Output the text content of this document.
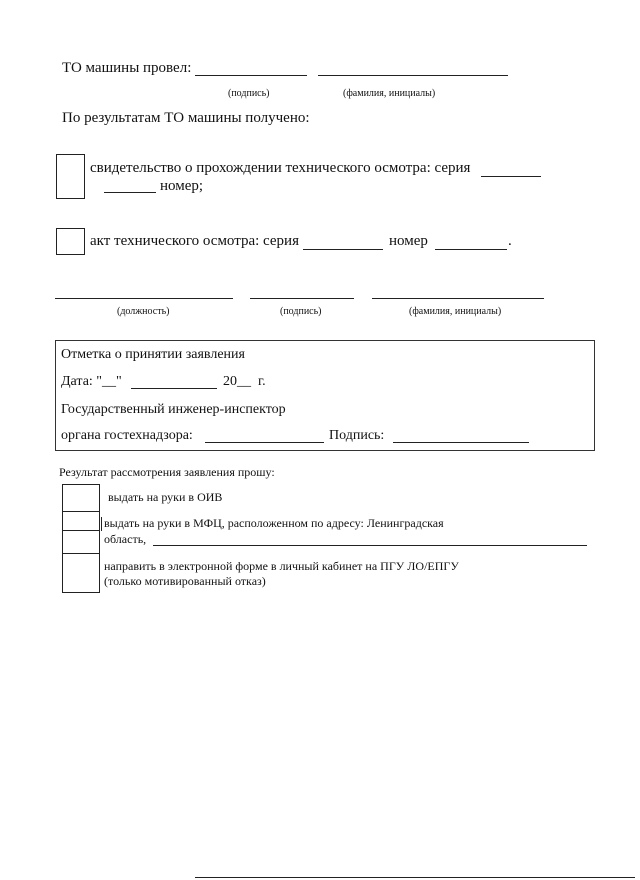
ТО машины провел:
(подпись)	(фамилия, инициалы)
По результатам ТО машины получено:
свидетельство о прохождении технического осмотра: серия
номер;
акт технического осмотра: серия	номер	.
(должность)	(подпись)	(фамилия, инициалы)
Отметка о принятии заявления
Дата: "__"	20__ г.
Государственный инженер-инспектор
органа гостехнадзора:	Подпись:
Результат рассмотрения заявления прошу:
выдать на руки в ОИВ
выдать на руки в МФЦ, расположенном по адресу: Ленинградская
область,
направить в электронной форме в личный кабинет на ПГУ ЛО/ЕПГУ
(только мотивированный отказ)
